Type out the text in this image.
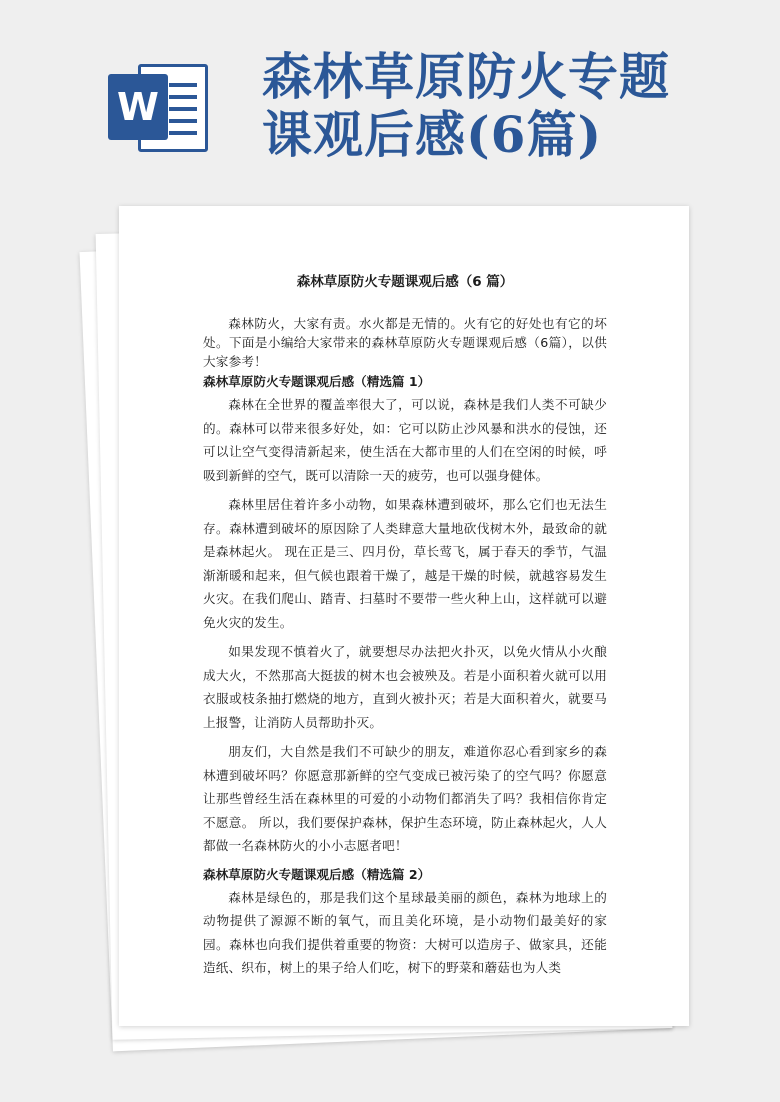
W
森林草原防火专题
课观后感(6篇)

森林草原防火专题课观后感（6 篇）

森林防火，大家有责。水火都是无情的。火有它的好处也有它的坏处。下面是小编给大家带来的森林草原防火专题课观后感（6篇），以供大家参考！

森林草原防火专题课观后感（精选篇 1）

森林在全世界的覆盖率很大了，可以说，森林是我们人类不可缺少的。森林可以带来很多好处，如：它可以防止沙风暴和洪水的侵蚀，还可以让空气变得清新起来，使生活在大都市里的人们在空闲的时候，呼吸到新鲜的空气，既可以清除一天的疲劳，也可以强身健体。

森林里居住着许多小动物，如果森林遭到破坏，那么它们也无法生存。森林遭到破坏的原因除了人类肆意大量地砍伐树木外，最致命的就是森林起火。 现在正是三、四月份，草长莺飞，属于春天的季节，气温渐渐暖和起来，但气候也跟着干燥了，越是干燥的时候，就越容易发生火灾。在我们爬山、踏青、扫墓时不要带一些火种上山，这样就可以避免火灾的发生。

如果发现不慎着火了，就要想尽办法把火扑灭，以免火情从小火酿成大火，不然那高大挺拔的树木也会被殃及。若是小面积着火就可以用衣服或枝条抽打燃烧的地方，直到火被扑灭；若是大面积着火，就要马上报警，让消防人员帮助扑灭。

朋友们，大自然是我们不可缺少的朋友，难道你忍心看到家乡的森林遭到破坏吗？你愿意那新鲜的空气变成已被污染了的空气吗？你愿意让那些曾经生活在森林里的可爱的小动物们都消失了吗？我相信你肯定不愿意。 所以，我们要保护森林，保护生态环境，防止森林起火，人人都做一名森林防火的小小志愿者吧！

森林草原防火专题课观后感（精选篇 2）

森林是绿色的，那是我们这个星球最美丽的颜色，森林为地球上的动物提供了源源不断的氧气，而且美化环境，是小动物们最美好的家园。森林也向我们提供着重要的物资：大树可以造房子、做家具，还能造纸、织布，树上的果子给人们吃，树下的野菜和蘑菇也为人类
